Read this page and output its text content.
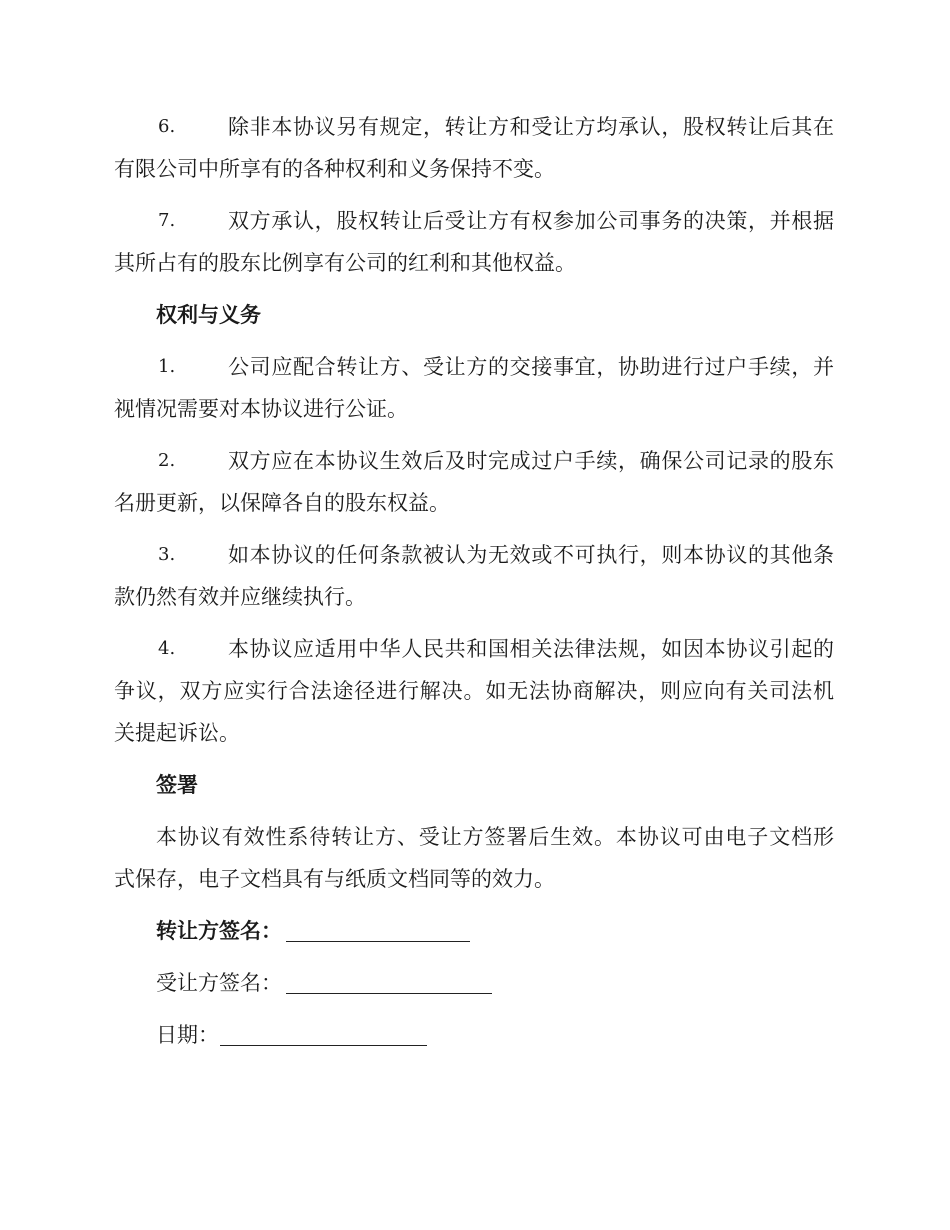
6.	除非本协议另有规定，转让方和受让方均承认，股权转让后其在
有限公司中所享有的各种权利和义务保持不变。
7.	双方承认，股权转让后受让方有权参加公司事务的决策，并根据
其所占有的股东比例享有公司的红利和其他权益。
权利与义务
1.	公司应配合转让方、受让方的交接事宜，协助进行过户手续，并
视情况需要对本协议进行公证。
2.	双方应在本协议生效后及时完成过户手续，确保公司记录的股东
名册更新，以保障各自的股东权益。
3.	如本协议的任何条款被认为无效或不可执行，则本协议的其他条
款仍然有效并应继续执行。
4.	本协议应适用中华人民共和国相关法律法规，如因本协议引起的
争议，双方应实行合法途径进行解决。如无法协商解决，则应向有关司法机
关提起诉讼。
签署
本协议有效性系待转让方、受让方签署后生效。本协议可由电子文档形
式保存，电子文档具有与纸质文档同等的效力。
转让方签名：
受让方签名：
日期：
